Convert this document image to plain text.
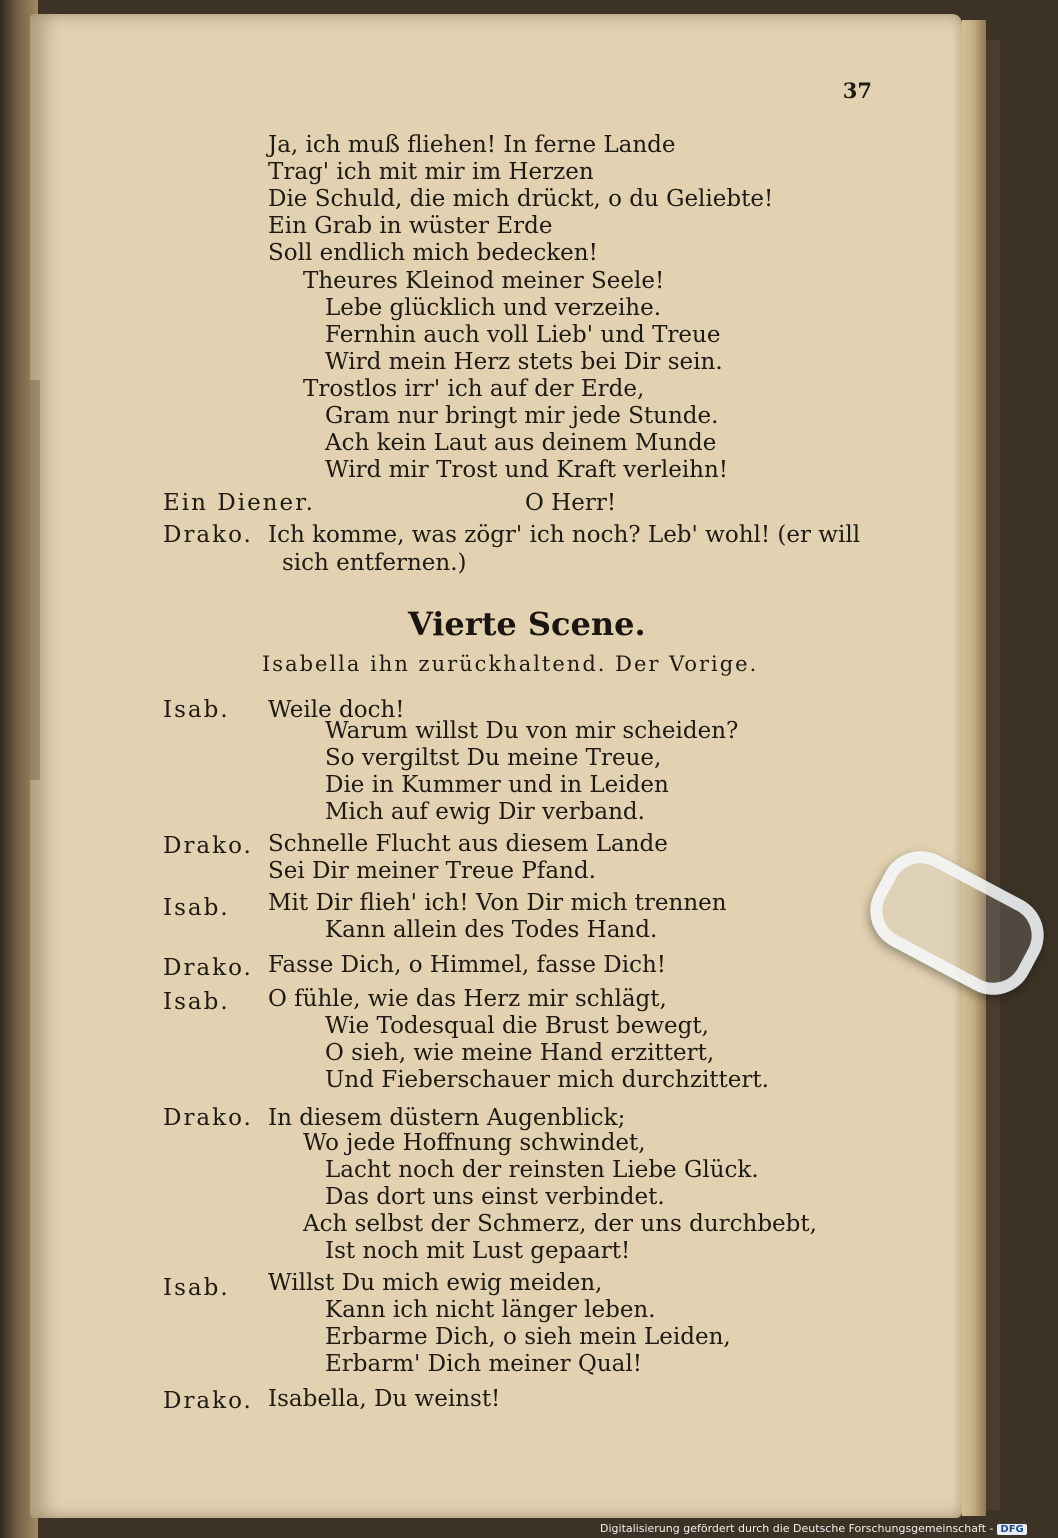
37
Ja, ich muß fliehen! In ferne Lande
Trag' ich mit mir im Herzen
Die Schuld, die mich drückt, o du Geliebte!
Ein Grab in wüster Erde
Soll endlich mich bedecken!
Theures Kleinod meiner Seele!
Lebe glücklich und verzeihe.
Fernhin auch voll Lieb' und Treue
Wird mein Herz stets bei Dir sein.
Trostlos irr' ich auf der Erde,
Gram nur bringt mir jede Stunde.
Ach kein Laut aus deinem Munde
Wird mir Trost und Kraft verleihn!
Ein Diener.	O Herr!
Drako. Ich komme, was zögr' ich noch? Leb' wohl! (er will
sich entfernen.)
Vierte Scene.
Isabella ihn zurückhaltend. Der Vorige.
Isab. Weile doch!
Warum willst Du von mir scheiden?
So vergiltst Du meine Treue,
Die in Kummer und in Leiden
Mich auf ewig Dir verband.
Drako. Schnelle Flucht aus diesem Lande
Sei Dir meiner Treue Pfand.
Isab. Mit Dir flieh' ich! Von Dir mich trennen
Kann allein des Todes Hand.
Drako. Fasse Dich, o Himmel, fasse Dich!
Isab. O fühle, wie das Herz mir schlägt,
Wie Todesqual die Brust bewegt,
O sieh, wie meine Hand erzittert,
Und Fieberschauer mich durchzittert.
Drako. In diesem düstern Augenblick;
Wo jede Hoffnung schwindet,
Lacht noch der reinsten Liebe Glück.
Das dort uns einst verbindet.
Ach selbst der Schmerz, der uns durchbebt,
Ist noch mit Lust gepaart!
Isab. Willst Du mich ewig meiden,
Kann ich nicht länger leben.
Erbarme Dich, o sieh mein Leiden,
Erbarm' Dich meiner Qual!
Drako. Isabella, Du weinst!
Digitalisierung gefördert durch die Deutsche Forschungsgemeinschaft - DFG
